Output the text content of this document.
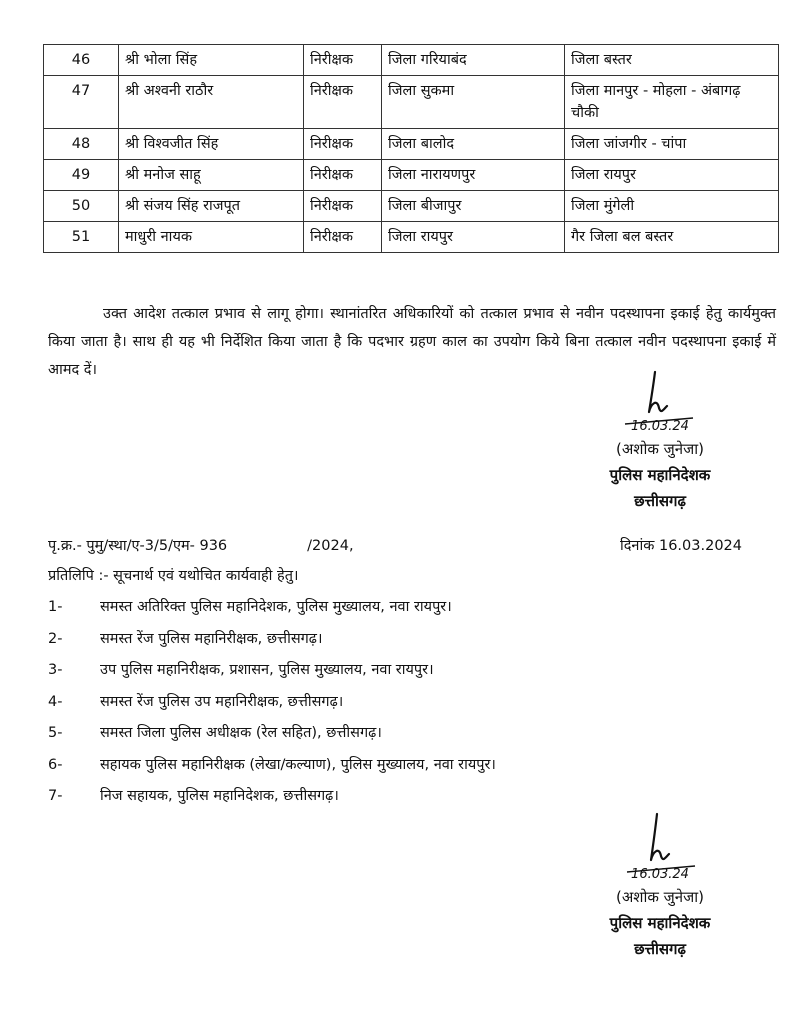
46	श्री भोला सिंह	निरीक्षक	जिला गरियाबंद	जिला बस्तर
47	श्री अश्वनी राठौर	निरीक्षक	जिला सुकमा	जिला मानपुर - मोहला - अंबागढ़ चौकी
48	श्री विश्वजीत सिंह	निरीक्षक	जिला बालोद	जिला जांजगीर - चांपा
49	श्री मनोज साहू	निरीक्षक	जिला नारायणपुर	जिला रायपुर
50	श्री संजय सिंह राजपूत	निरीक्षक	जिला बीजापुर	जिला मुंगेली
51	माधुरी नायक	निरीक्षक	जिला रायपुर	गैर जिला बल बस्तर

उक्त आदेश तत्काल प्रभाव से लागू होगा। स्थानांतरित अधिकारियों को तत्काल प्रभाव से नवीन पदस्थापना इकाई हेतु कार्यमुक्त किया जाता है। साथ ही यह भी निर्देशित किया जाता है कि पदभार ग्रहण काल का उपयोग किये बिना तत्काल नवीन पदस्थापना इकाई में आमद दें।

16.03.24
(अशोक जुनेजा)
पुलिस महानिदेशक
छत्तीसगढ़
पृ.क्र.- पुमु/स्था/ए-3/5/एम- 936	/2024,	दिनांक 16.03.2024
प्रतिलिपि :- सूचनार्थ एवं यथोचित कार्यवाही हेतु।
1-	समस्त अतिरिक्त पुलिस महानिदेशक, पुलिस मुख्यालय, नवा रायपुर।
2-	समस्त रेंज पुलिस महानिरीक्षक, छत्तीसगढ़।
3-	उप पुलिस महानिरीक्षक, प्रशासन, पुलिस मुख्यालय, नवा रायपुर।
4-	समस्त रेंज पुलिस उप महानिरीक्षक, छत्तीसगढ़।
5-	समस्त जिला पुलिस अधीक्षक (रेल सहित), छत्तीसगढ़।
6-	सहायक पुलिस महानिरीक्षक (लेखा/कल्याण), पुलिस मुख्यालय, नवा रायपुर।
7-	निज सहायक, पुलिस महानिदेशक, छत्तीसगढ़।
16.03.24
(अशोक जुनेजा)
पुलिस महानिदेशक
छत्तीसगढ़
